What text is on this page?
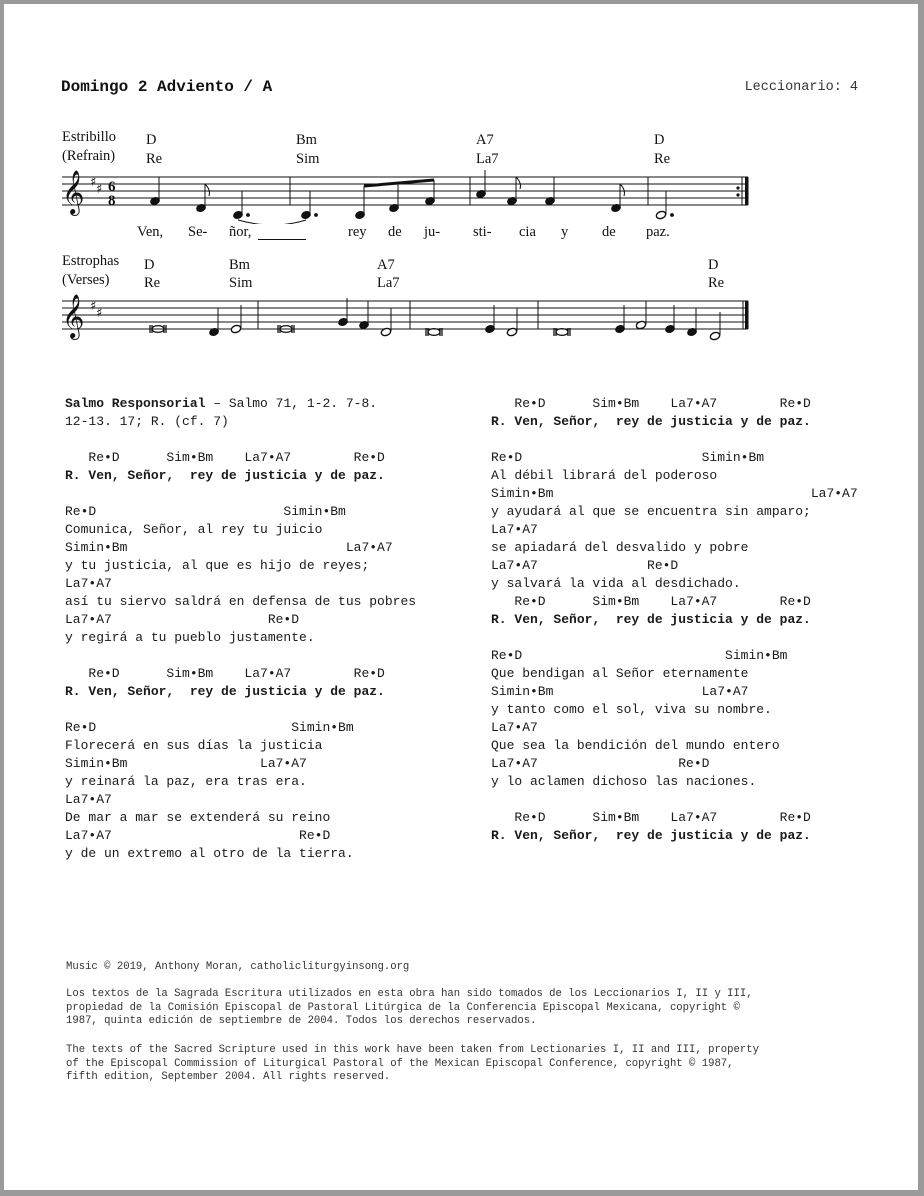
Domingo 2 Adviento / A	Leccionario: 4
Estribillo
(Refrain)
D
Re
Bm
Sim
A7
La7
D
Re
𝄞 ♯ ♯ 6
8
Ven, Se- ñor,	rey de ju- sti- cia y de paz.
Estrophas
(Verses)
D
Re
Bm
Sim
A7
La7
D
Re
𝄞 ♯ ♯
Salmo Responsorial – Salmo 71, 1-2. 7-8.
12-13. 17; R. (cf. 7)
Re•D      Sim•Bm    La7•A7        Re•D
R. Ven, Señor,  rey de justicia y de paz.
Re•D                        Simin•Bm
Comunica, Señor, al rey tu juicio
Simin•Bm                            La7•A7
y tu justicia, al que es hijo de reyes;
La7•A7
así tu siervo saldrá en defensa de tus pobres
La7•A7                    Re•D
y regirá a tu pueblo justamente.
Re•D      Sim•Bm    La7•A7        Re•D
R. Ven, Señor,  rey de justicia y de paz.
Re•D                         Simin•Bm
Florecerá en sus días la justicia
Simin•Bm                 La7•A7
y reinará la paz, era tras era.
La7•A7
De mar a mar se extenderá su reino
La7•A7                        Re•D
y de un extremo al otro de la tierra.
Re•D      Sim•Bm    La7•A7        Re•D
R. Ven, Señor,  rey de justicia y de paz.
Re•D                       Simin•Bm
Al débil librará del poderoso
Simin•Bm                                 La7•A7
y ayudará al que se encuentra sin amparo;
La7•A7
se apiadará del desvalido y pobre
La7•A7              Re•D
y salvará la vida al desdichado.
Re•D      Sim•Bm    La7•A7        Re•D
R. Ven, Señor,  rey de justicia y de paz.
Re•D                          Simin•Bm
Que bendigan al Señor eternamente
Simin•Bm                   La7•A7
y tanto como el sol, viva su nombre.
La7•A7
Que sea la bendición del mundo entero
La7•A7                  Re•D
y lo aclamen dichoso las naciones.
Re•D      Sim•Bm    La7•A7        Re•D
R. Ven, Señor,  rey de justicia y de paz.
Music © 2019, Anthony Moran, catholicliturgyinsong.org
Los textos de la Sagrada Escritura utilizados en esta obra han sido tomados de los Leccionarios I, II y III,
propiedad de la Comisión Episcopal de Pastoral Litúrgica de la Conferencia Episcopal Mexicana, copyright ©
1987, quinta edición de septiembre de 2004. Todos los derechos reservados.
The texts of the Sacred Scripture used in this work have been taken from Lectionaries I, II and III, property
of the Episcopal Commission of Liturgical Pastoral of the Mexican Episcopal Conference, copyright © 1987,
fifth edition, September 2004. All rights reserved.
